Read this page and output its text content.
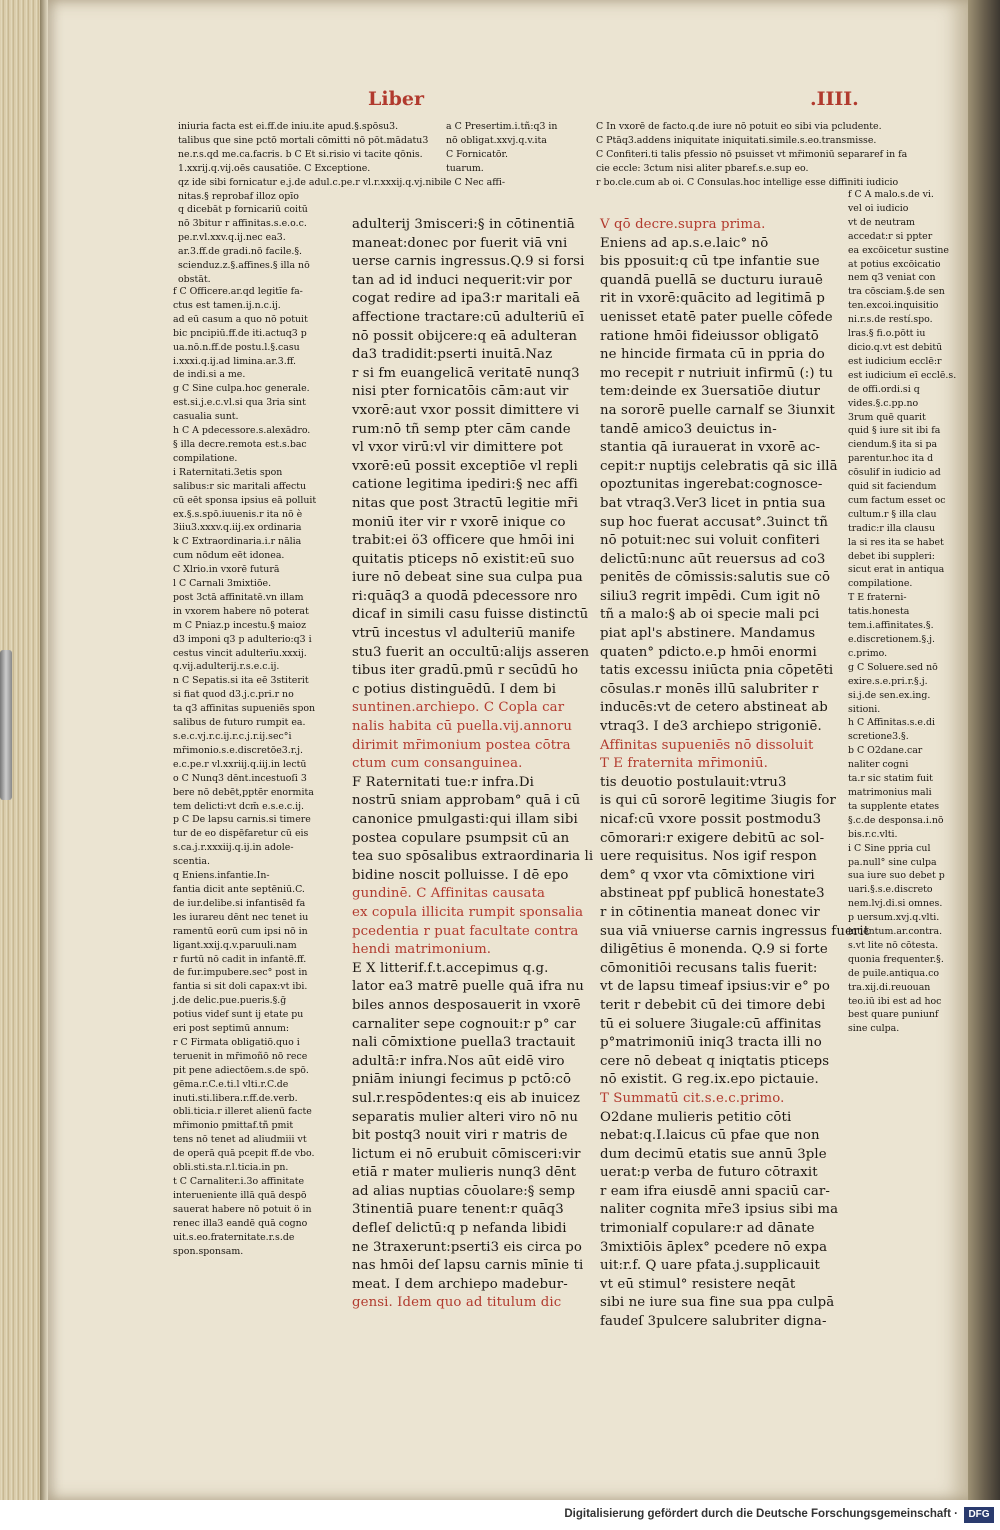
Liber	.IIII.

iniuria facta est ei.ff.de iniu.ite apud.§.spōsu3.

talibus que sine pctō mortali cōmitti nō pōt.mādatu3

ne.r.s.qd me.ca.facris. b C Et si.risio vi tacite qōnis.

1.xxrij.q.vij.oēs causatiōe. C Exceptione.

qz ide sibi fornicatur e.j.de adul.c.pe.r vl.r.xxxij.q.vj.nibil.

nitas.§ reprobaf illoz opīo

q dicebāt p fornicariū coitū

nō 3bitur r affinitas.s.e.o.c.

pe.r.vl.xxv.q.ij.nec ea3.

ar.3.ff.de gradi.nō facile.§.

scienduz.z.§.affines.§ illa nō

obstāt.

a C Presertim.i.tñ:q3 in

nō obligat.xxvj.q.v.ita

C Fornicatōr.

tuarum.

e C Nec affi-

C In vxorē de facto.q.de iure nō potuit eo sibi via pcludente.

C Ptāq3.addens iniquitate iniquitati.simile.s.eo.transmisse.

C Confiteri.ti talis pfessio nō psuisset vt mr̄imoniū separaref in fa

cie eccle: 3ctum nisi aliter pbaref.s.e.sup eo.

r bo.cle.cum ab oi. C Consulas.hoc intellige esse diffiniti iudicio

f C Officere.ar.qd legitīe fa-

ctus est tamen.ij.n.c.ij.

ad eū casum a quo nō potuit

bic pncipiū.ff.de iti.actuq3 p

ua.nō.n.ff.de postu.l.§.casu

i.xxxi.q.ij.ad limina.ar.3.ff.

de indi.si a me.

g C Sine culpa.hoc generale.

est.si.j.e.c.vl.si qua 3ria sint

casualia sunt.

h C A pdecessore.s.alexādro.

§ illa decre.remota est.s.bac

compilatione.

i Raternitati.3etis spon

salibus:r sic maritali affectu

cū eēt sponsa ipsius eā polluit

ex.§.s.spō.iuuenis.r ita nō è

3iiu3.xxxv.q.iij.ex ordinaria

k C Extraordinaria.i.r nālia

cum nōdum eēt idonea.

C Xlrio.in vxorē futurā

l C Carnali 3mixtiōe.

post 3ctā affinitatē.vn illam

in vxorem habere nō poterat

m C Pniaz.p incestu.§ maioz

d3 imponi q3 p adulterio:q3 i

cestus vincit adulterīu.xxxij.

q.vij.adulterij.r.s.e.c.ij.

n C Sepatis.si ita eē 3stiterit

si fiat quod d3.j.c.pri.r no

ta q3 affinitas supueniēs spon

salibus de futuro rumpit ea.

s.e.c.vj.r.c.ij.r.c.j.r.ij.sec°i

mr̄imonio.s.e.discretōe3.r.j.

e.c.pe.r vl.xxriij.q.iij.in lectū

o C Nunq3 dēnt.incestuoſi 3

bere nō debēt,pptēr enormita

tem delicti:vt dcm̄ e.s.e.c.ij.

p C De lapsu carnis.si timere

tur de eo dispēfaretur cū eis

s.ca.j.r.xxxiij.q.ij.in adole-

scentia.

q Eniens.infantie.In-

fantia dicit ante septēniū.C.

de iur.delibe.si infantisēd fa

les iurareu dēnt nec tenet iu

ramentū eorū cum ipsi nō in

ligant.xxij.q.v.paruuli.nam

r furtū nō cadit in infantē.ff.

de fur.impubere.sec° post in

fantia si sit doli capax:vt ibi.

j.de delic.pue.pueris.§.ḡ

potius videf sunt ij etate pu

eri post septimū annum:

r C Firmata obligatiō.quo i

teruenit in mr̄imoñō nō rece

pit pene adiectōem.s.de spō.

gēma.r.C.e.ti.l vlti.r.C.de

inuti.sti.libera.r.ff.de.verb.

obli.ticia.r illeret alienū facte

mr̄imonio pmittaf.tñ pmit

tens nō tenet ad aliudmiii vt

de operā quā pcepit ff.de vbo.

obli.sti.sta.r.l.ticia.in pn.

t C Carnaliter.i.3o affinitate

interueniente illā quā despō

sauerat habere nō potuit ö in

renec illa3 eandē quā cogno

uit.s.eo.fraternitate.r.s.de

spon.sponsam.

adulterij 3misceri:§ in cōtinentiā

maneat:donec por fuerit viā vni

uerse carnis ingressus.Q.9 si forsi

tan ad id induci nequerit:vir por

cogat redire ad ipa3:r maritali eā

affectione tractare:cū adulteriū eī

nō possit obijcere:q eā adulteran

da3 tradidit:pserti inuitā.Naz

r si fm euangelicā veritatē nunq3

nisi pter fornicatōis cām:aut vir

vxorē:aut vxor possit dimittere vi

rum:nō tñ semp pter cām cande

vl vxor virū:vl vir dimittere pot

vxorē:eū possit exceptiōe vl repli

catione legitima ipediri:§ nec affi

nitas que post 3tractū legitie mr̄i

moniū iter vir r vxorē inique co

trabit:ei ö3 officere que hmōi ini

quitatis pticeps nō existit:eū suo

iure nō debeat sine sua culpa pua

ri:quāq3 a quodā pdecessore nro

dicaf in simili casu fuisse distinctū

vtrū incestus vl adulteriū manife

stu3 fuerit an occultū:alijs asseren

tibus iter gradū.pmū r secūdū ho

c potius distinguēdū. I dem bi

suntinen.archiepo. C Copla car

nalis habita cū puella.vij.annoru

dirimit mr̄imonium postea cōtra

ctum cum consanguinea.

F Raternitati tue:r infra.Di

nostrū sniam approbam° quā i cū

canonice pmulgasti:qui illam sibi

postea copulare psumpsit cū an

tea suo spōsalibus extraordinaria li

bidine noscit polluisse. I dē epo

gundinē. C Affinitas causata

ex copula illicita rumpit sponsalia

pcedentia r puat facultate contra

hendi matrimonium.

E X litterif.f.t.accepimus q.g.

lator ea3 matrē puelle quā ifra nu

biles annos desposauerit in vxorē

carnaliter sepe cognouit:r p° car

nali cōmixtione puella3 tractauit

adultā:r infra.Nos aūt eidē viro

pniām iniungi fecimus p pctō:cō

sul.r.respōdentes:q eis ab inuicez

separatis mulier alteri viro nō nu

bit postq3 nouit viri r matris de

lictum ei nō erubuit cōmisceri:vir

etiā r mater mulieris nunq3 dēnt

ad alias nuptias cōuolare:§ semp

3tinentiā puare tenent:r quāq3

defleſ delictū:q p nefanda libidi

ne 3traxerunt:pserti3 eis circa po

nas hmōi deſ lapsu carnis mīnie ti

meat. I dem archiepo madebur-

gensi. Idem quo ad titulum dic

V qō decre.supra prima.

Eniens ad ap.s.e.laic° nō

bis pposuit:q cū tpe infantie sue

quandā puellā se ducturu iurauē

rit in vxorē:quācito ad legitimā p

uenisset etatē pater puelle cōfede

ratione hmōi fideiussor obligatō

ne hincide firmata cū in ppria do

mo recepit r nutriuit infirmū (:) tu

tem:deinde ex 3uersatiōe diutur

na sororē puelle carnalf se 3iunxit

tandē amico3 deuictus in-

stantia qā iurauerat in vxorē ac-

cepit:r nuptijs celebratis qā sic illā

opoztunitas ingerebat:cognosce-

bat vtraq3.Ver3 licet in pntia sua

sup hoc fuerat accusat°.3uinct tñ

nō potuit:nec sui voluit confiteri

delictū:nunc aūt reuersus ad co3

penitēs de cōmissis:salutis sue cō

siliu3 regrit impēdi. Cum igit nō

tñ a malo:§ ab oi specie mali pci

piat apl's abstinere. Mandamus

quaten° pdicto.e.p hmōi enormi

tatis excessu iniūcta pnia cōpetēti

cōsulas.r monēs illū salubriter r

inducēs:vt de cetero abstineat ab

vtraq3. I de3 archiepo strigoniē.

Affinitas supueniēs nō dissoluit

T E fraternita mr̄imoniū.

tis deuotio postulauit:vtru3

is qui cū sororē legitime 3iugis for

nicaf:cū vxore possit postmodu3

cōmorari:r exigere debitū ac sol-

uere requisitus. Nos igif respon

dem° q vxor vta cōmixtione viri

abstineat ppf publicā honestate3

r in cōtinentia maneat donec vir

sua viā vniuerse carnis ingressus fuerit

diligētius ē monenda. Q.9 si forte

cōmonitiōi recusans talis fuerit:

vt de lapsu timeaf ipsius:vir e° po

terit r debebit cū dei timore debi

tū ei soluere 3iugale:cū affinitas

p°matrimoniū iniq3 tracta illi no

cere nō debeat q iniqtatis pticeps

nō existit. G reg.ix.epo pictauie.

T Summatū cit.s.e.c.primo.

O2dane mulieris petitio cōti

nebat:q.I.laicus cū pfae que non

dum decimū etatis sue annū 3ple

uerat:p verba de futuro cōtraxit

r eam ifra eiusdē anni spaciū car-

naliter cognita mr̄e3 ipsius sibi ma

trimonialf copulare:r ad dānate

3mixtiōis āplex° pcedere nō expa

uit:r.f. Q uare pfata.j.supplicauit

vt eū stimul° resistere neqāt

sibi ne iure sua fine sua ppa culpā

faudeſ 3pulcere salubriter digna-

f C A malo.s.de vi.

vel oi iudicio

vt de neutram

accedat:r si ppter

ea excōicetur sustine

at potius excōicatio

nem q3 veniat con

tra cōsciam.§.de sen

ten.excoi.inquisitio

ni.r.s.de restí.spo.

lras.§ fi.o.pōtt iu

dicio.q.vt est debitū

est iudicium ecclē:r

est iudicium eī ecclē.s.

de offi.ordi.si q

vides.§.c.pp.no

3rum quē quarit

quid § iure sit ibi fa

ciendum.§ ita si pa

parentur.hoc ita d

cōsulif in iudicio ad

quid sit faciendum

cum factum esset oc

cultum.r § illa clau

tradic:r illa clausu

la si res ita se habet

debet ibi suppleri:

sicut erat in antiqua

compilatione.

T E fraterni-

tatis.honesta

tem.i.affinitates.§.

e.discretionem.§.j.

c.primo.

g C Soluere.sed nō

exire.s.e.pri.r.§.j.

si.j.de sen.ex.ing.

sitioni.

h C Affinitas.s.e.di

scretione3.§.

b C O2dane.car

naliter cogni

ta.r sic statim fuit

matrimonius mali

ta supplente etates

§.c.de desponsa.i.nō

bis.r.c.vlti.

i C Sine ppria cul

pa.null° sine culpa

sua iure suo debet p

uari.§.s.e.discreto

nem.lvj.di.si omnes.

p uersum.xvj.q.vlti.

inuentum.ar.contra.

s.vt lite nō cōtesta.

quonia frequenter.§.

de puile.antiqua.co

tra.xij.di.reuouan

teo.iū ibi est ad hoc

best quare puniunf

sine culpa.

Digitalisierung gefördert durch die Deutsche Forschungsgemeinschaft ·	DFG
